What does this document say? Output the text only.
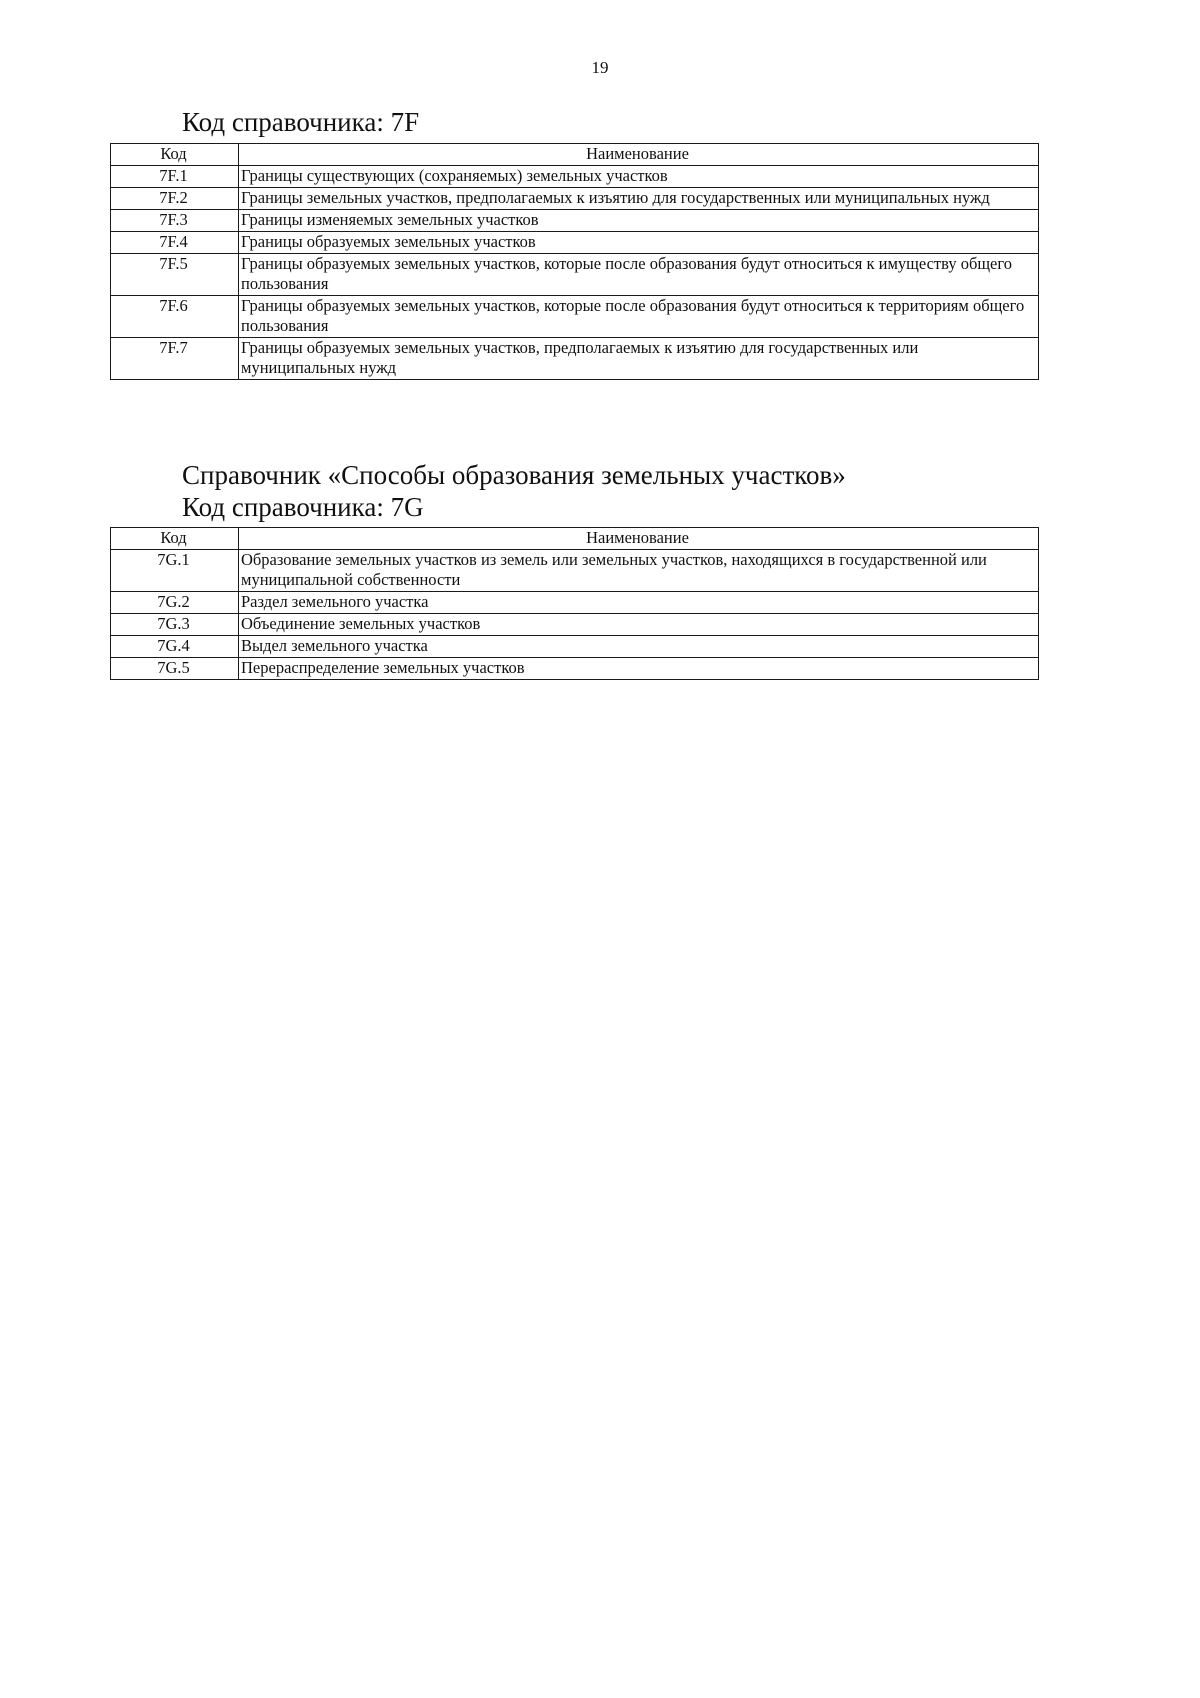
19
Код справочника: 7F
Код	Наименование
7F.1	Границы существующих (сохраняемых) земельных участков
7F.2	Границы земельных участков, предполагаемых к изъятию для государственных или муниципальных нужд
7F.3	Границы изменяемых земельных участков
7F.4	Границы образуемых земельных участков
7F.5	Границы образуемых земельных участков, которые после образования будут относиться к имуществу общего пользования
7F.6	Границы образуемых земельных участков, которые после образования будут относиться к территориям общего пользования
7F.7	Границы образуемых земельных участков, предполагаемых к изъятию для государственных или муниципальных нужд
Справочник «Способы образования земельных участков»
Код справочника: 7G
Код	Наименование
7G.1	Образование земельных участков из земель или земельных участков, находящихся в государственной или муниципальной собственности
7G.2	Раздел земельного участка
7G.3	Объединение земельных участков
7G.4	Выдел земельного участка
7G.5	Перераспределение земельных участков
